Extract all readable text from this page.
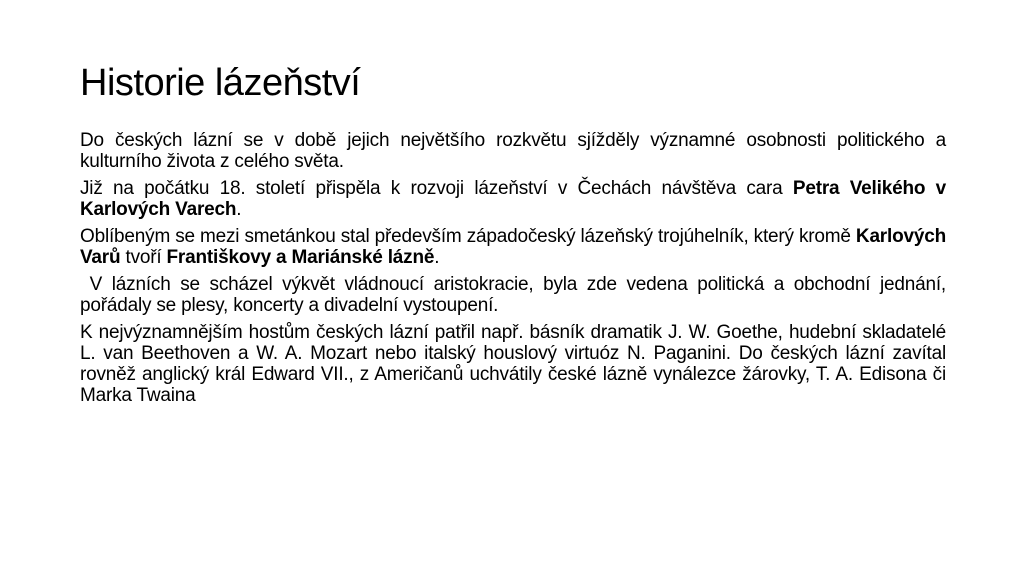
Historie lázeňství

Do českých lázní se v době jejich největšího rozkvětu sjížděly významné osobnosti politického a kulturního života z celého světa.

Již na počátku 18. století přispěla k rozvoji lázeňství v Čechách návštěva cara Petra Velikého v Karlových Varech.

Oblíbeným se mezi smetánkou stal především západočeský lázeňský trojúhelník, který kromě Karlových Varů tvoří Františkovy a Mariánské lázně.

V lázních se scházel výkvět vládnoucí aristokracie, byla zde vedena politická a obchodní jednání, pořádaly se plesy, koncerty a divadelní vystoupení.

K nejvýznamnějším hostům českých lázní patřil např. básník dramatik J. W. Goethe, hudební skladatelé L. van Beethoven a W. A. Mozart nebo italský houslový virtuóz N. Paganini. Do českých lázní zavítal rovněž anglický král Edward VII., z Američanů uchvátily české lázně vynálezce žárovky, T. A. Edisona či Marka Twaina
